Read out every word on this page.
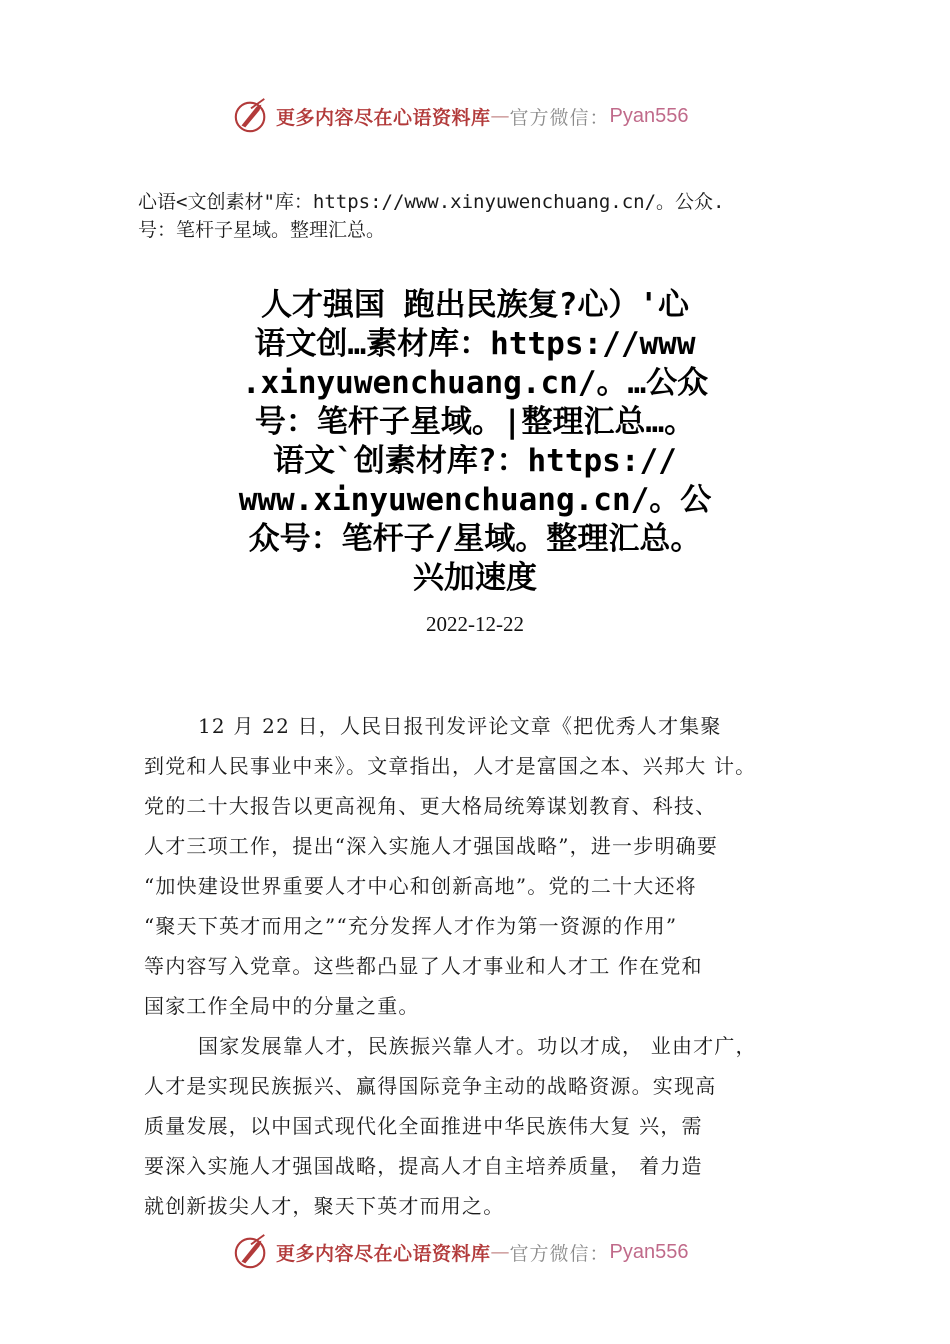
更多内容尽在心语资料库 — 官方微信： Pyan556
心语<文创素材"库：https://www.xinyuwenchuang.cn/。公众.
号：笔杆子星域。整理汇总。
人才强国 跑出民族复?心）'心
语文创…素材库：https://www
.xinyuwenchuang.cn/。…公众
号：笔杆子星域。|整理汇总…。
语文`创素材库?：https://
www.xinyuwenchuang.cn/。公
众号：笔杆子/星域。整理汇总。
兴加速度
2022-12-22
12 月 22 日，人民日报刊发评论文章《把优秀人才集聚
到党和人民事业中来》。文章指出，人才是富国之本、兴邦大 计。
党的二十大报告以更高视角、更大格局统筹谋划教育、科技、
人才三项工作，提出“深入实施人才强国战略”，进一步明确要
“加快建设世界重要人才中心和创新高地”。党的二十大还将
“聚天下英才而用之”“充分发挥人才作为第一资源的作用”
等内容写入党章。这些都凸显了人才事业和人才工 作在党和
国家工作全局中的分量之重。
国家发展靠人才，民族振兴靠人才。功以才成， 业由才广，
人才是实现民族振兴、赢得国际竞争主动的战略资源。实现高
质量发展，以中国式现代化全面推进中华民族伟大复 兴，需
要深入实施人才强国战略，提高人才自主培养质量， 着力造
就创新拔尖人才，聚天下英才而用之。
更多内容尽在心语资料库 — 官方微信： Pyan556
